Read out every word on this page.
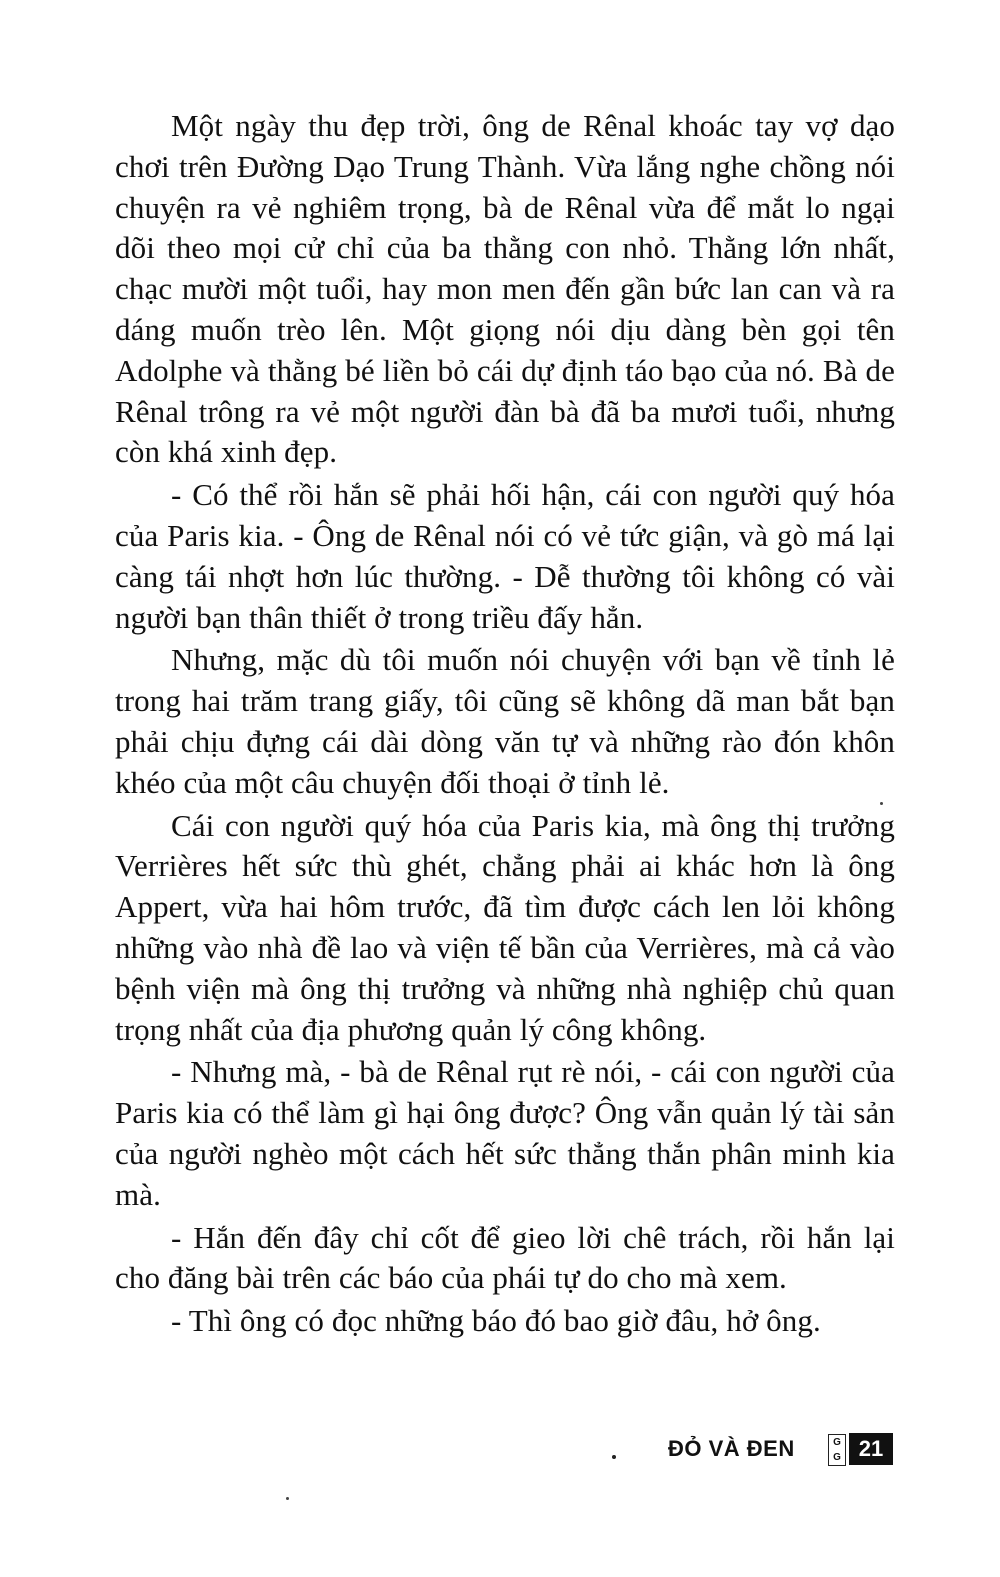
Một ngày thu đẹp trời, ông de Rênal khoác tay vợ dạo chơi trên Đường Dạo Trung Thành. Vừa lắng nghe chồng nói chuyện ra vẻ nghiêm trọng, bà de Rênal vừa để mắt lo ngại dõi theo mọi cử chỉ của ba thằng con nhỏ. Thằng lớn nhất, chạc mười một tuổi, hay mon men đến gần bức lan can và ra dáng muốn trèo lên. Một giọng nói dịu dàng bèn gọi tên Adolphe và thằng bé liền bỏ cái dự định táo bạo của nó. Bà de Rênal trông ra vẻ một người đàn bà đã ba mươi tuổi, nhưng còn khá xinh đẹp.

- Có thể rồi hắn sẽ phải hối hận, cái con người quý hóa của Paris kia. - Ông de Rênal nói có vẻ tức giận, và gò má lại càng tái nhợt hơn lúc thường. - Dễ thường tôi không có vài người bạn thân thiết ở trong triều đấy hẳn.

Nhưng, mặc dù tôi muốn nói chuyện với bạn về tỉnh lẻ trong hai trăm trang giấy, tôi cũng sẽ không dã man bắt bạn phải chịu đựng cái dài dòng văn tự và những rào đón khôn khéo của một câu chuyện đối thoại ở tỉnh lẻ.

Cái con người quý hóa của Paris kia, mà ông thị trưởng Verrières hết sức thù ghét, chẳng phải ai khác hơn là ông Appert, vừa hai hôm trước, đã tìm được cách len lỏi không những vào nhà đề lao và viện tế bần của Verrières, mà cả vào bệnh viện mà ông thị trưởng và những nhà nghiệp chủ quan trọng nhất của địa phương quản lý công không.

- Nhưng mà, - bà de Rênal rụt rè nói, - cái con người của Paris kia có thể làm gì hại ông được? Ông vẫn quản lý tài sản của người nghèo một cách hết sức thẳng thắn phân minh kia mà.

- Hắn đến đây chỉ cốt để gieo lời chê trách, rồi hắn lại cho đăng bài trên các báo của phái tự do cho mà xem.

- Thì ông có đọc những báo đó bao giờ đâu, hở ông.

ĐỎ VÀ ĐEN	G
G 21
